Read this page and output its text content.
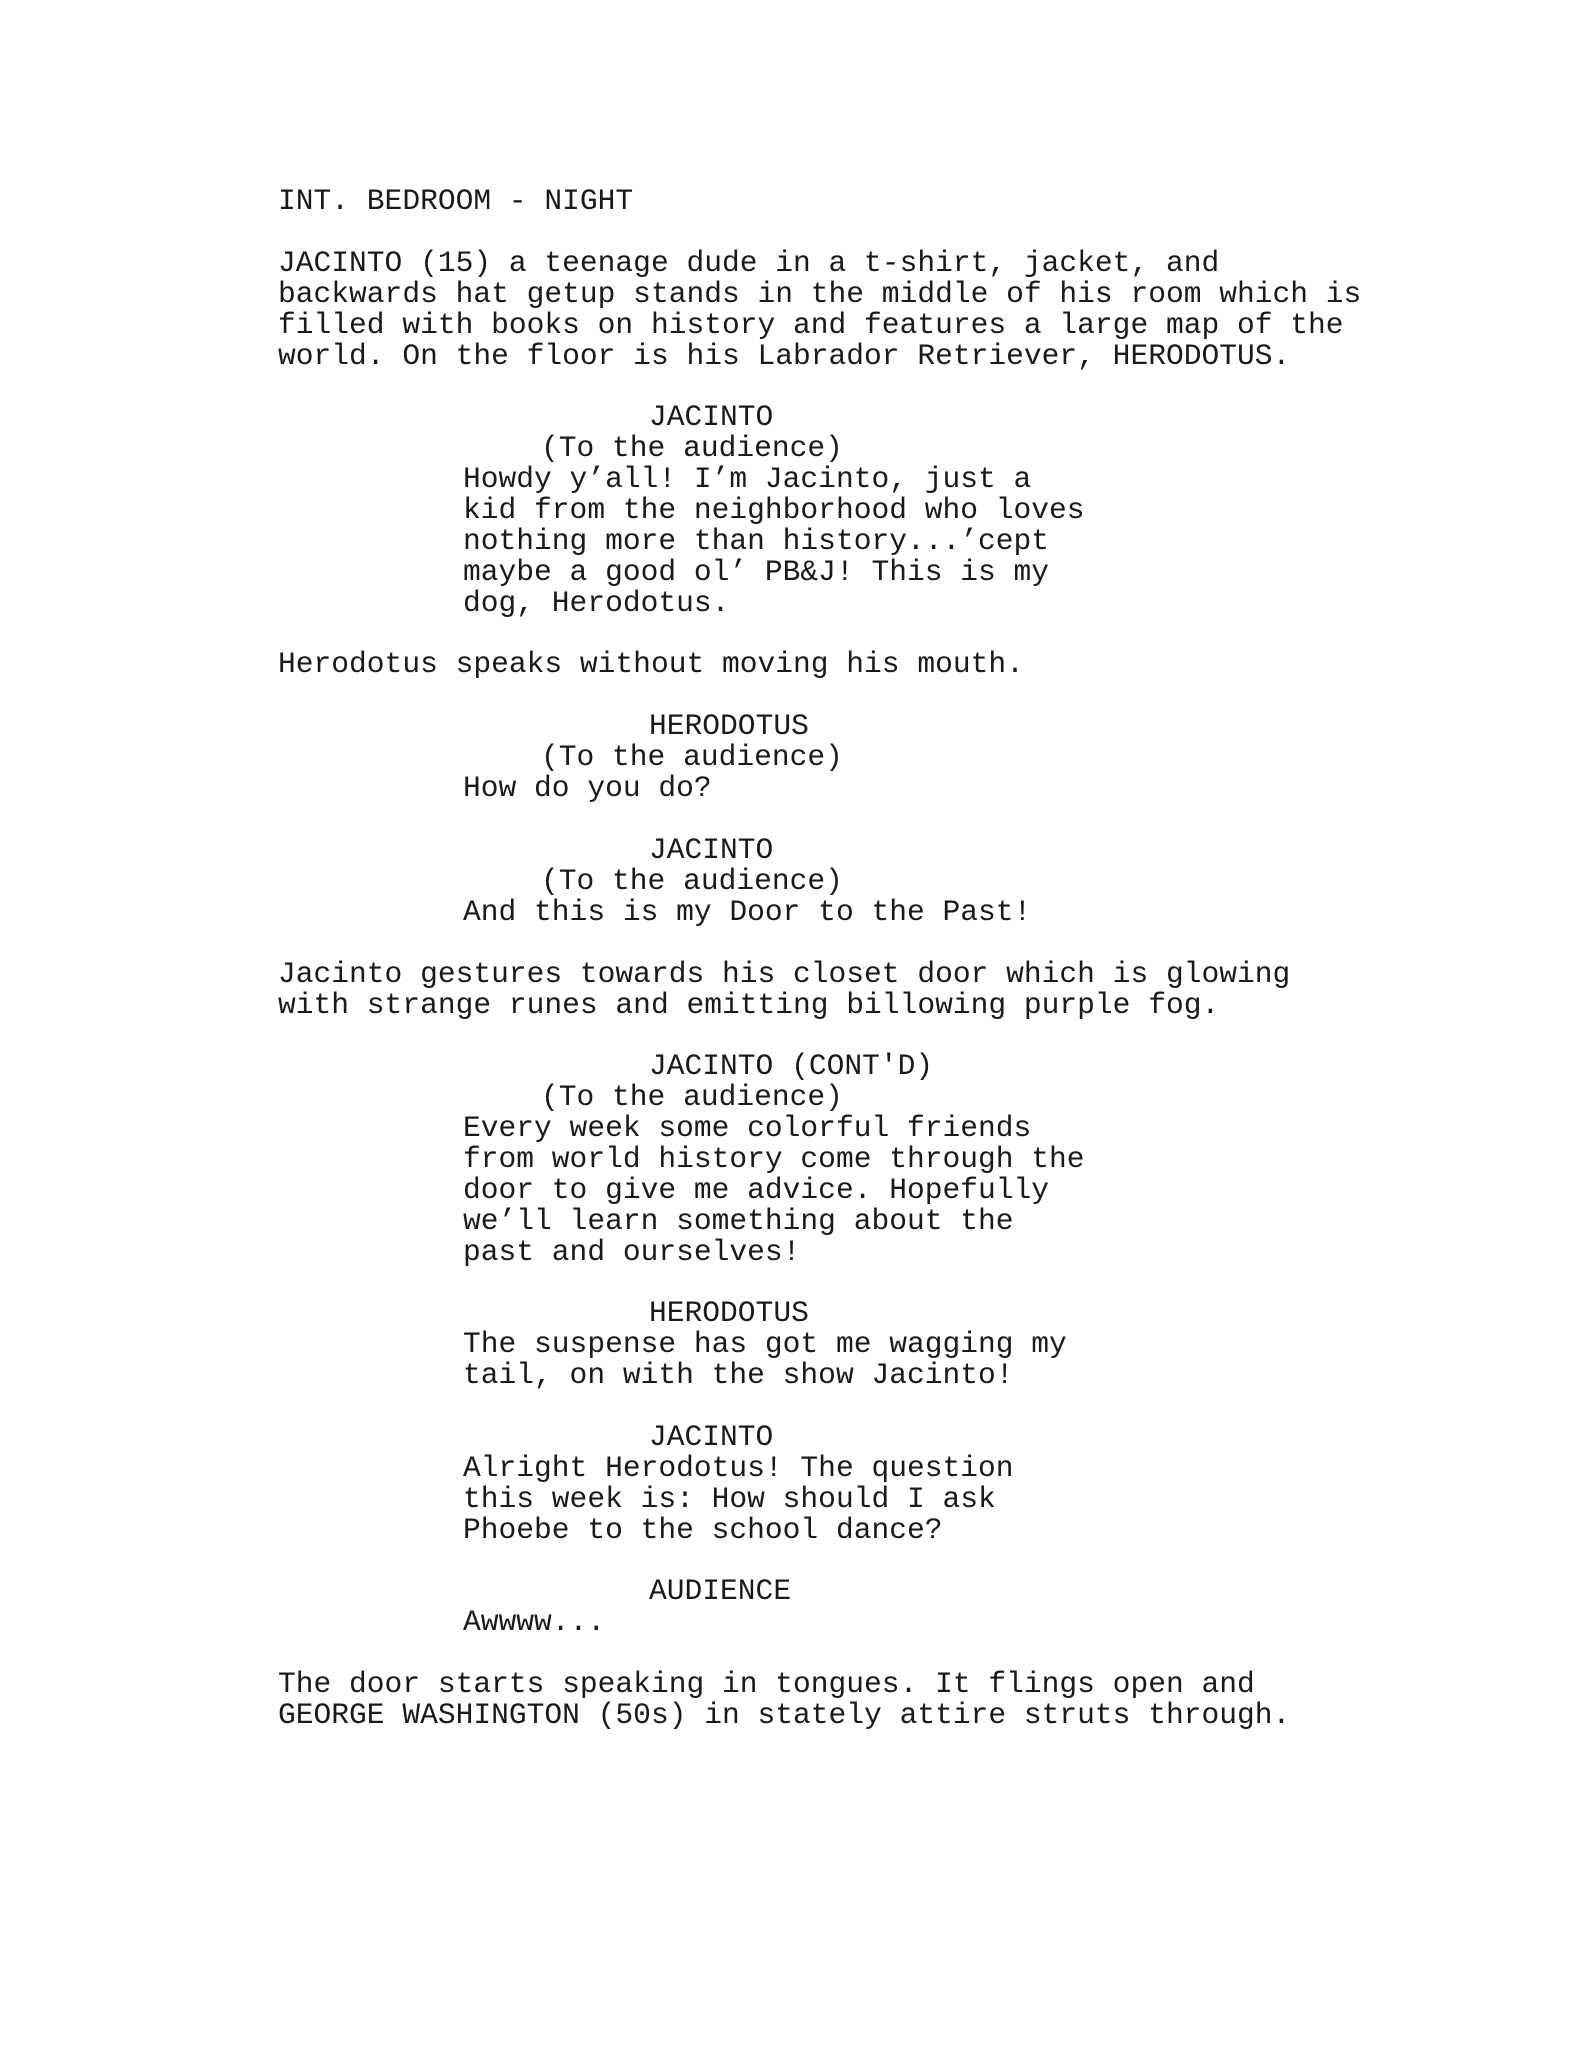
INT. BEDROOM - NIGHT
JACINTO (15) a teenage dude in a t-shirt, jacket, and
backwards hat getup stands in the middle of his room which is
filled with books on history and features a large map of the
world. On the floor is his Labrador Retriever, HERODOTUS.
JACINTO
(To the audience)
Howdy y’all! I’m Jacinto, just a
kid from the neighborhood who loves
nothing more than history...’cept
maybe a good ol’ PB&J! This is my
dog, Herodotus.
Herodotus speaks without moving his mouth.
HERODOTUS
(To the audience)
How do you do?
JACINTO
(To the audience)
And this is my Door to the Past!
Jacinto gestures towards his closet door which is glowing
with strange runes and emitting billowing purple fog.
JACINTO (CONT'D)
(To the audience)
Every week some colorful friends
from world history come through the
door to give me advice. Hopefully
we’ll learn something about the
past and ourselves!
HERODOTUS
The suspense has got me wagging my
tail, on with the show Jacinto!
JACINTO
Alright Herodotus! The question
this week is: How should I ask
Phoebe to the school dance?
AUDIENCE
Awwww...
The door starts speaking in tongues. It flings open and
GEORGE WASHINGTON (50s) in stately attire struts through.
